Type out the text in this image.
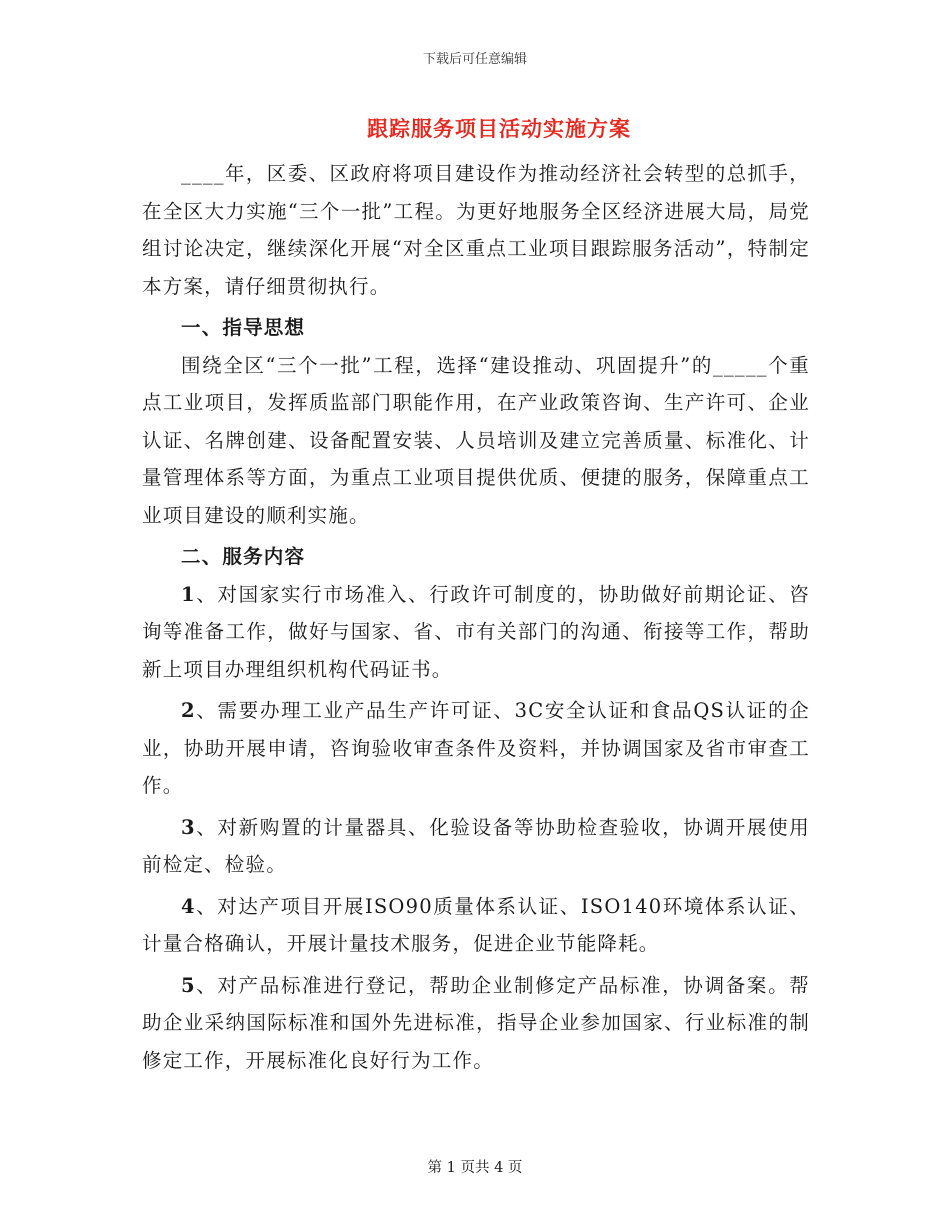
下载后可任意编辑
跟踪服务项目活动实施方案

____年，区委、区政府将项目建设作为推动经济社会转型的总抓手，在全区大力实施“三个一批”工程。为更好地服务全区经济进展大局，局党组讨论决定，继续深化开展“对全区重点工业项目跟踪服务活动”，特制定本方案，请仔细贯彻执行。

一、指导思想

围绕全区“三个一批”工程，选择“建设推动、巩固提升”的_____个重点工业项目，发挥质监部门职能作用，在产业政策咨询、生产许可、企业认证、名牌创建、设备配置安装、人员培训及建立完善质量、标准化、计量管理体系等方面，为重点工业项目提供优质、便捷的服务，保障重点工业项目建设的顺利实施。

二、服务内容

1、对国家实行市场准入、行政许可制度的，协助做好前期论证、咨询等准备工作，做好与国家、省、市有关部门的沟通、衔接等工作，帮助新上项目办理组织机构代码证书。

2、需要办理工业产品生产许可证、3C安全认证和食品QS认证的企业，协助开展申请，咨询验收审查条件及资料，并协调国家及省市审查工作。

3、对新购置的计量器具、化验设备等协助检查验收，协调开展使用前检定、检验。

4、对达产项目开展ISO90质量体系认证、ISO140环境体系认证、计量合格确认，开展计量技术服务，促进企业节能降耗。

5、对产品标准进行登记，帮助企业制修定产品标准，协调备案。帮助企业采纳国际标准和国外先进标准，指导企业参加国家、行业标准的制修定工作，开展标准化良好行为工作。

第 1 页共 4 页
